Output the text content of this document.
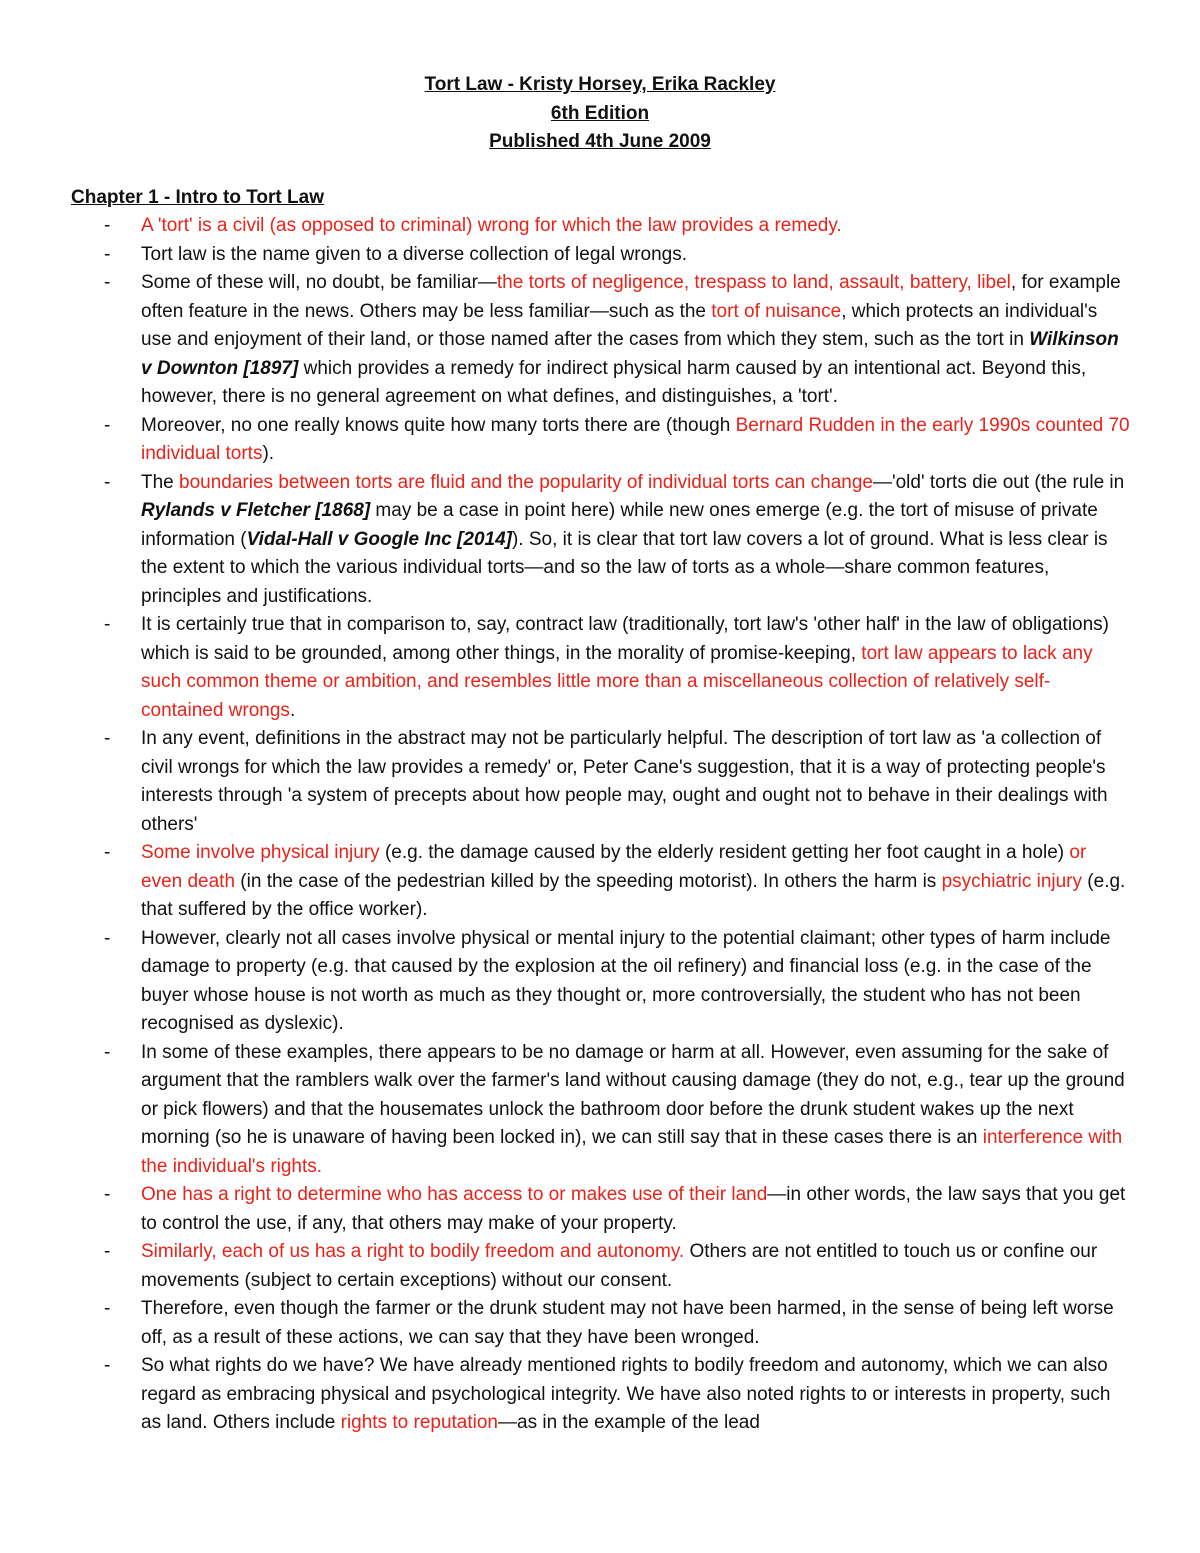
Tort Law - Kristy Horsey, Erika Rackley
6th Edition
Published 4th June 2009
Chapter 1 - Intro to Tort Law
- A 'tort' is a civil (as opposed to criminal) wrong for which the law provides a remedy.
- Tort law is the name given to a diverse collection of legal wrongs.
- Some of these will, no doubt, be familiar—the torts of negligence, trespass to land, assault, battery, libel, for example often feature in the news. Others may be less familiar—such as the tort of nuisance, which protects an individual's use and enjoyment of their land, or those named after the cases from which they stem, such as the tort in Wilkinson v Downton [1897] which provides a remedy for indirect physical harm caused by an intentional act. Beyond this, however, there is no general agreement on what defines, and distinguishes, a 'tort'.
- Moreover, no one really knows quite how many torts there are (though Bernard Rudden in the early 1990s counted 70 individual torts).
- The boundaries between torts are fluid and the popularity of individual torts can change—'old' torts die out (the rule in Rylands v Fletcher [1868] may be a case in point here) while new ones emerge (e.g. the tort of misuse of private information (Vidal-Hall v Google Inc [2014]). So, it is clear that tort law covers a lot of ground. What is less clear is the extent to which the various individual torts—and so the law of torts as a whole—share common features, principles and justifications.
- It is certainly true that in comparison to, say, contract law (traditionally, tort law's 'other half' in the law of obligations) which is said to be grounded, among other things, in the morality of promise-keeping, tort law appears to lack any such common theme or ambition, and resembles little more than a miscellaneous collection of relatively self-contained wrongs.
- In any event, definitions in the abstract may not be particularly helpful. The description of tort law as 'a collection of civil wrongs for which the law provides a remedy' or, Peter Cane's suggestion, that it is a way of protecting people's interests through 'a system of precepts about how people may, ought and ought not to behave in their dealings with others'
- Some involve physical injury (e.g. the damage caused by the elderly resident getting her foot caught in a hole) or even death (in the case of the pedestrian killed by the speeding motorist). In others the harm is psychiatric injury (e.g. that suffered by the office worker).
- However, clearly not all cases involve physical or mental injury to the potential claimant; other types of harm include damage to property (e.g. that caused by the explosion at the oil refinery) and financial loss (e.g. in the case of the buyer whose house is not worth as much as they thought or, more controversially, the student who has not been recognised as dyslexic).
- In some of these examples, there appears to be no damage or harm at all. However, even assuming for the sake of argument that the ramblers walk over the farmer's land without causing damage (they do not, e.g., tear up the ground or pick flowers) and that the housemates unlock the bathroom door before the drunk student wakes up the next morning (so he is unaware of having been locked in), we can still say that in these cases there is an interference with the individual's rights.
- One has a right to determine who has access to or makes use of their land—in other words, the law says that you get to control the use, if any, that others may make of your property.
- Similarly, each of us has a right to bodily freedom and autonomy. Others are not entitled to touch us or confine our movements (subject to certain exceptions) without our consent.
- Therefore, even though the farmer or the drunk student may not have been harmed, in the sense of being left worse off, as a result of these actions, we can say that they have been wronged.
- So what rights do we have? We have already mentioned rights to bodily freedom and autonomy, which we can also regard as embracing physical and psychological integrity. We have also noted rights to or interests in property, such as land. Others include rights to reputation—as in the example of the lead
